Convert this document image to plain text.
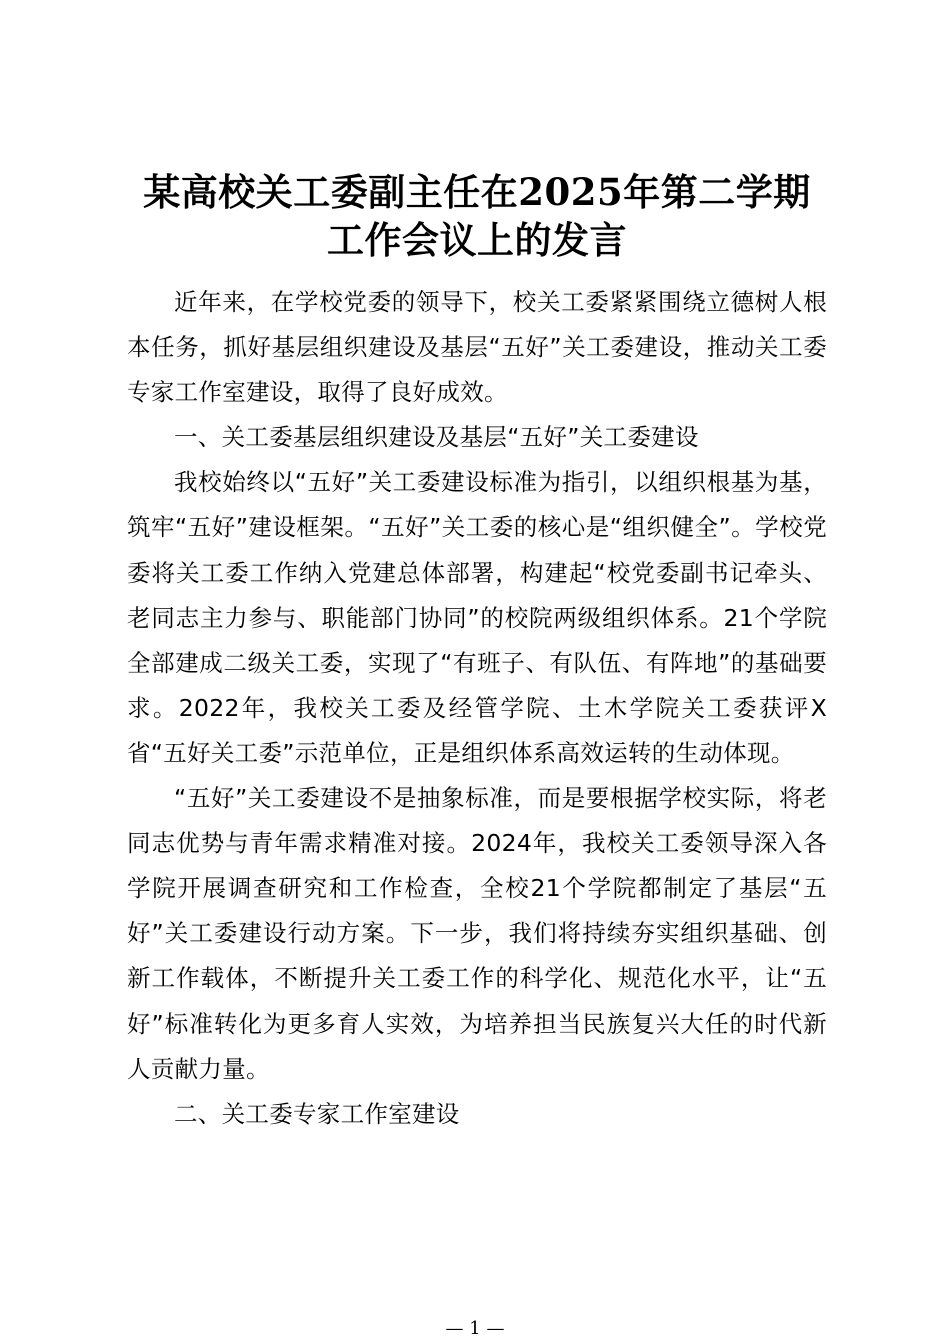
某高校关工委副主任在2025年第二学期工作会议上的发言

近年来，在学校党委的领导下，校关工委紧紧围绕立德树人根本任务，抓好基层组织建设及基层“五好”关工委建设，推动关工委专家工作室建设，取得了良好成效。

一、关工委基层组织建设及基层“五好”关工委建设

我校始终以“五好”关工委建设标准为指引，以组织根基为基，筑牢“五好”建设框架。“五好”关工委的核心是“组织健全”。学校党委将关工委工作纳入党建总体部署，构建起“校党委副书记牵头、老同志主力参与、职能部门协同”的校院两级组织体系。21个学院全部建成二级关工委，实现了“有班子、有队伍、有阵地”的基础要求。2022年，我校关工委及经管学院、土木学院关工委获评X省“五好关工委”示范单位，正是组织体系高效运转的生动体现。

“五好”关工委建设不是抽象标准，而是要根据学校实际，将老同志优势与青年需求精准对接。2024年，我校关工委领导深入各学院开展调查研究和工作检查，全校21个学院都制定了基层“五好”关工委建设行动方案。下一步，我们将持续夯实组织基础、创新工作载体，不断提升关工委工作的科学化、规范化水平，让“五好”标准转化为更多育人实效，为培养担当民族复兴大任的时代新人贡献力量。

二、关工委专家工作室建设

— 1 —
